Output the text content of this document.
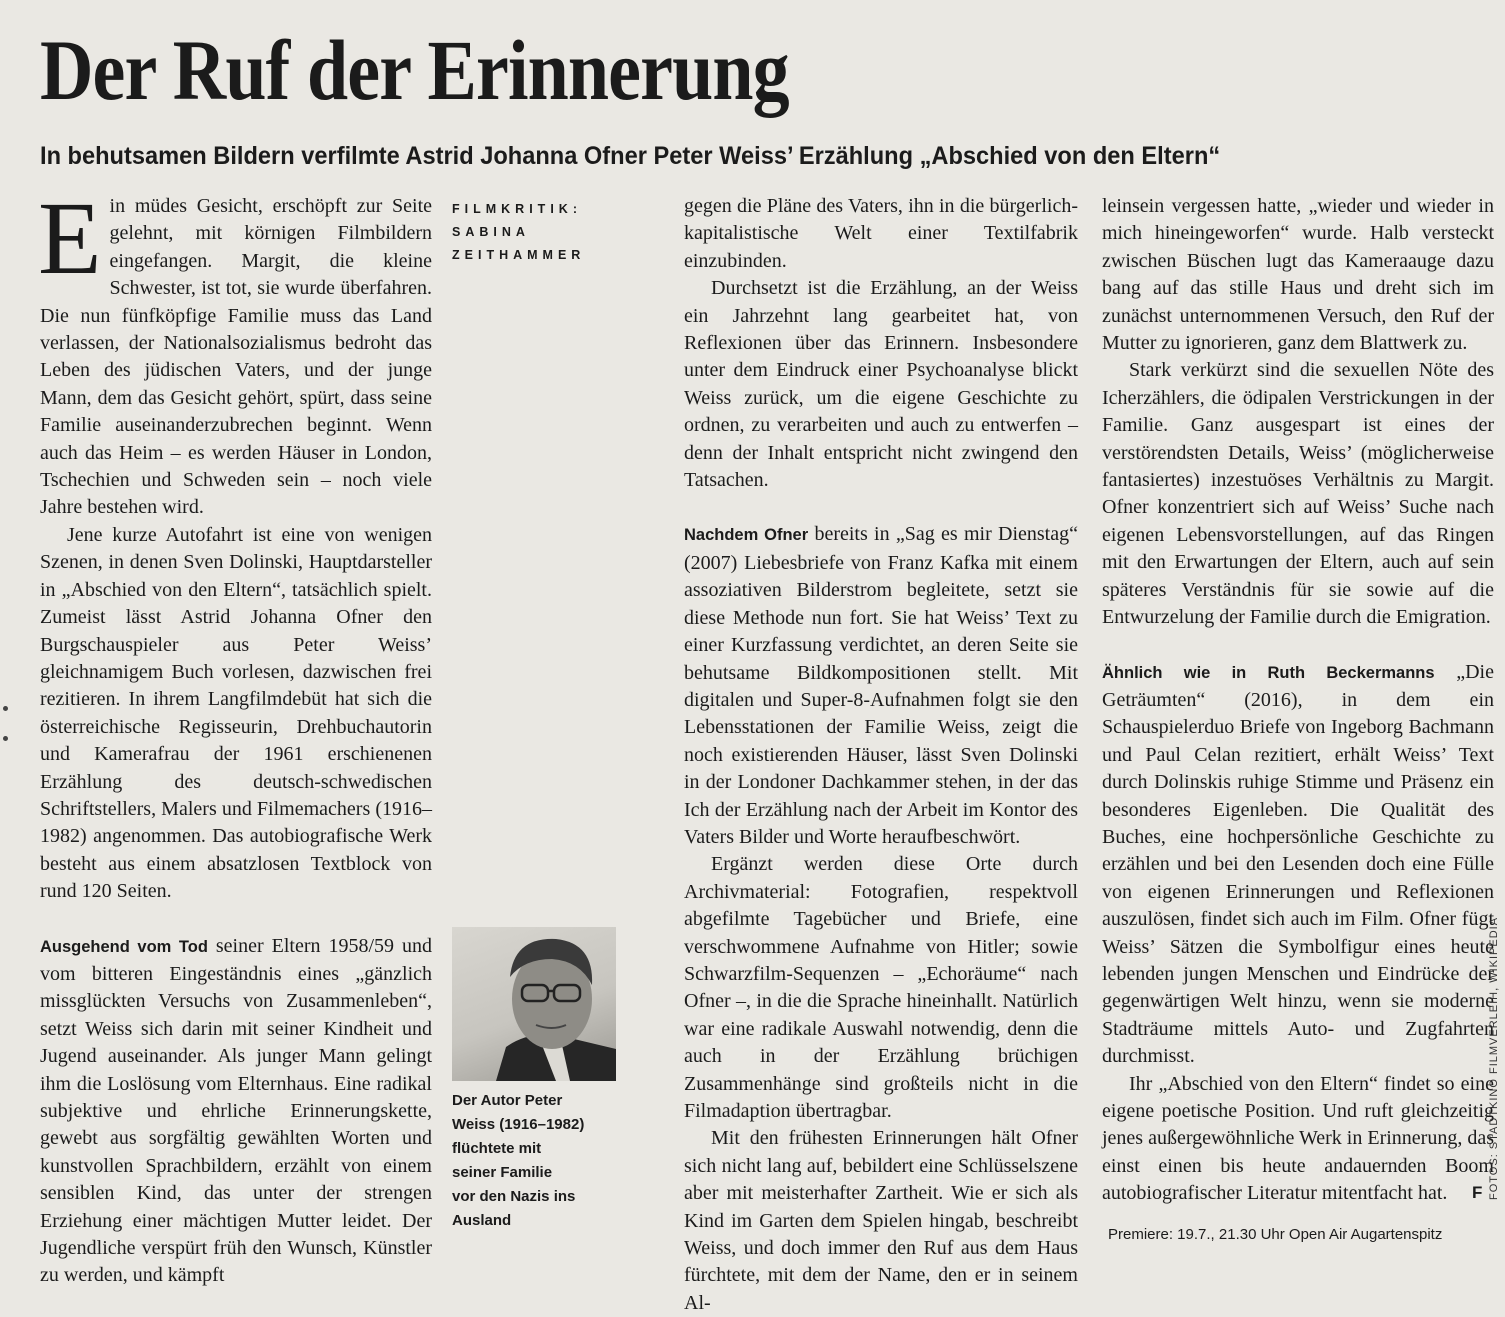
Der Ruf der Erinnerung
In behutsamen Bildern verfilmte Astrid Johanna Ofner Peter Weiss’ Erzählung „Abschied von den Eltern“
FILMKRITIK:
SABINA
ZEITHAMMER

Ein müdes Gesicht, erschöpft zur Seite gelehnt, mit körnigen Filmbildern eingefangen. Margit, die kleine Schwester, ist tot, sie wurde überfahren. Die nun fünfköpfige Familie muss das Land verlassen, der Nationalsozialismus bedroht das Leben des jüdischen Vaters, und der junge Mann, dem das Gesicht gehört, spürt, dass seine Familie auseinanderzubrechen beginnt. Wenn auch das Heim – es werden Häuser in London, Tschechien und Schweden sein – noch viele Jahre bestehen wird.

Jene kurze Autofahrt ist eine von wenigen Szenen, in denen Sven Dolinski, Hauptdarsteller in „Abschied von den Eltern“, tatsächlich spielt. Zumeist lässt Astrid Johanna Ofner den Burgschauspieler aus Peter Weiss’ gleichnamigem Buch vorlesen, dazwischen frei rezitieren. In ihrem Langfilmdebüt hat sich die österreichische Regisseurin, Drehbuchautorin und Kamerafrau der 1961 erschienenen Erzählung des deutsch-schwedischen Schriftstellers, Malers und Filmemachers (1916–1982) angenommen. Das autobiografische Werk besteht aus einem absatzlosen Textblock von rund 120 Seiten.

Ausgehend vom Tod seiner Eltern 1958/59 und vom bitteren Eingeständnis eines „gänzlich missglückten Versuchs von Zusammenleben“, setzt Weiss sich darin mit seiner Kindheit und Jugend auseinander. Als junger Mann gelingt ihm die Loslösung vom Elternhaus. Eine radikal subjektive und ehrliche Erinnerungskette, gewebt aus sorgfältig gewählten Worten und kunstvollen Sprachbildern, erzählt von einem sensiblen Kind, das unter der strengen Erziehung einer mächtigen Mutter leidet. Der Jugendliche verspürt früh den Wunsch, Künstler zu werden, und kämpft

Der Autor Peter
Weiss (1916–1982)
flüchtete mit
seiner Familie
vor den Nazis ins
Ausland

gegen die Pläne des Vaters, ihn in die bürgerlich-kapitalistische Welt einer Textilfabrik einzubinden.

Durchsetzt ist die Erzählung, an der Weiss ein Jahrzehnt lang gearbeitet hat, von Reflexionen über das Erinnern. Insbesondere unter dem Eindruck einer Psychoanalyse blickt Weiss zurück, um die eigene Geschichte zu ordnen, zu verarbeiten und auch zu entwerfen – denn der Inhalt entspricht nicht zwingend den Tatsachen.

Nachdem Ofner bereits in „Sag es mir Dienstag“ (2007) Liebesbriefe von Franz Kafka mit einem assoziativen Bilderstrom begleitete, setzt sie diese Methode nun fort. Sie hat Weiss’ Text zu einer Kurzfassung verdichtet, an deren Seite sie behutsame Bildkompositionen stellt. Mit digitalen und Super-8-Aufnahmen folgt sie den Lebensstationen der Familie Weiss, zeigt die noch existierenden Häuser, lässt Sven Dolinski in der Londoner Dachkammer stehen, in der das Ich der Erzählung nach der Arbeit im Kontor des Vaters Bilder und Worte heraufbeschwört.

Ergänzt werden diese Orte durch Archivmaterial: Fotografien, respektvoll abgefilmte Tagebücher und Briefe, eine verschwommene Aufnahme von Hitler; sowie Schwarzfilm-Sequenzen – „Echoräume“ nach Ofner –, in die die Sprache hineinhallt. Natürlich war eine radikale Auswahl notwendig, denn die auch in der Erzählung brüchigen Zusammenhänge sind großteils nicht in die Filmadaption übertragbar.

Mit den frühesten Erinnerungen hält Ofner sich nicht lang auf, bebildert eine Schlüsselszene aber mit meisterhafter Zartheit. Wie er sich als Kind im Garten dem Spielen hingab, beschreibt Weiss, und doch immer den Ruf aus dem Haus fürchtete, mit dem der Name, den er in seinem Al-

leinsein vergessen hatte, „wieder und wieder in mich hineingeworfen“ wurde. Halb versteckt zwischen Büschen lugt das Kameraauge dazu bang auf das stille Haus und dreht sich im zunächst unternommenen Versuch, den Ruf der Mutter zu ignorieren, ganz dem Blattwerk zu.

Stark verkürzt sind die sexuellen Nöte des Icherzählers, die ödipalen Verstrickungen in der Familie. Ganz ausgespart ist eines der verstörendsten Details, Weiss’ (möglicherweise fantasiertes) inzestuöses Verhältnis zu Margit. Ofner konzentriert sich auf Weiss’ Suche nach eigenen Lebensvorstellungen, auf das Ringen mit den Erwartungen der Eltern, auch auf sein späteres Verständnis für sie sowie auf die Entwurzelung der Familie durch die Emigration.

Ähnlich wie in Ruth Beckermanns „Die Geträumten“ (2016), in dem ein Schauspielerduo Briefe von Ingeborg Bachmann und Paul Celan rezitiert, erhält Weiss’ Text durch Dolinskis ruhige Stimme und Präsenz ein besonderes Eigenleben. Die Qualität des Buches, eine hochpersönliche Geschichte zu erzählen und bei den Lesenden doch eine Fülle von eigenen Erinnerungen und Reflexionen auszulösen, findet sich auch im Film. Ofner fügt Weiss’ Sätzen die Symbolfigur eines heute lebenden jungen Menschen und Eindrücke der gegenwärtigen Welt hinzu, wenn sie moderne Stadträume mittels Auto- und Zugfahrten durchmisst.

Ihr „Abschied von den Eltern“ findet so eine eigene poetische Position. Und ruft gleichzeitig jenes außergewöhnliche Werk in Erinnerung, das einst einen bis heute andauernden Boom autobiografischer Literatur mitentfacht hat.	F
Premiere: 19.7., 21.30 Uhr Open Air Augartenspitz
FOTOS: STADTKINO FILMVERLEIH, WIKIPEDIA
